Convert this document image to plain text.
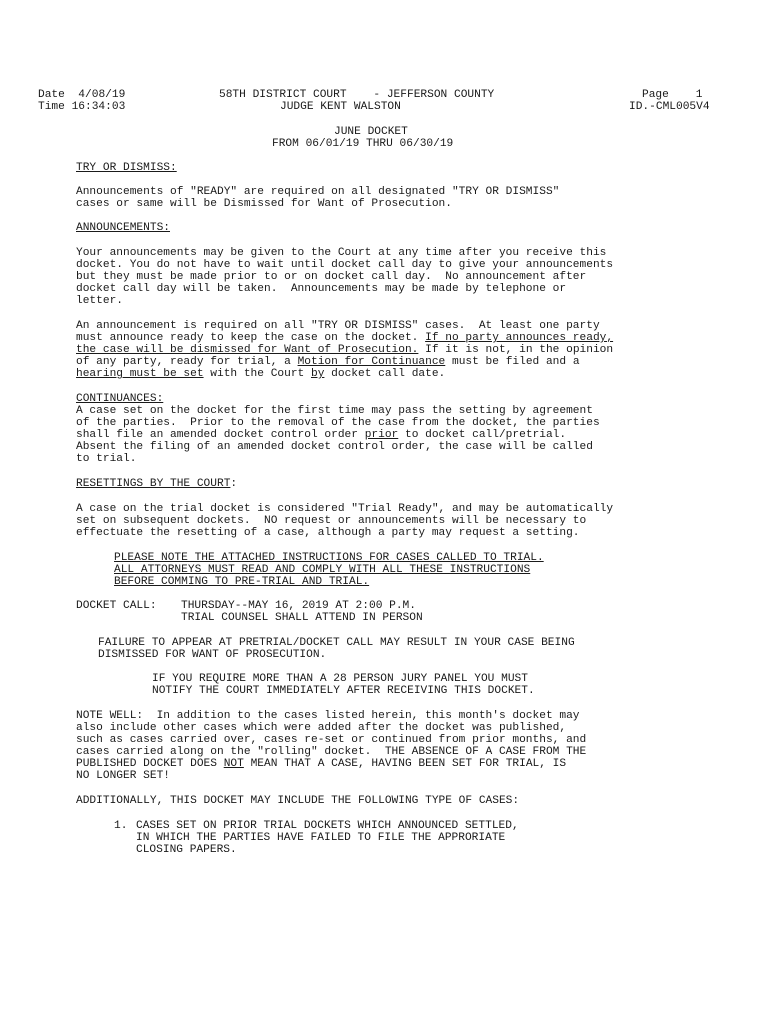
Date 4/08/19
Time 16:34:03
58TH DISTRICT COURT    - JEFFERSON COUNTY
JUDGE KENT WALSTON
Page 1
ID.-CML005V4
JUNE DOCKET
FROM 06/01/19 THRU 06/30/19
TRY OR DISMISS:
Announcements of "READY" are required on all designated "TRY OR DISMISS"
cases or same will be Dismissed for Want of Prosecution.
ANNOUNCEMENTS:
Your announcements may be given to the Court at any time after you receive this
docket. You do not have to wait until docket call day to give your announcements
but they must be made prior to or on docket call day.  No announcement after
docket call day will be taken.  Announcements may be made by telephone or
letter.
An announcement is required on all "TRY OR DISMISS" cases.  At least one party
must announce ready to keep the case on the docket. If no party announces ready,
the case will be dismissed for Want of Prosecution. If it is not, in the opinion
of any party, ready for trial, a Motion for Continuance must be filed and a
hearing must be set with the Court by docket call date.
CONTINUANCES:
A case set on the docket for the first time may pass the setting by agreement
of the parties.  Prior to the removal of the case from the docket, the parties
shall file an amended docket control order prior to docket call/pretrial.
Absent the filing of an amended docket control order, the case will be called
to trial.
RESETTINGS BY THE COURT:
A case on the trial docket is considered "Trial Ready", and may be automatically
set on subsequent dockets.  NO request or announcements will be necessary to
effectuate the resetting of a case, although a party may request a setting.
PLEASE NOTE THE ATTACHED INSTRUCTIONS FOR CASES CALLED TO TRIAL.
ALL ATTORNEYS MUST READ AND COMPLY WITH ALL THESE INSTRUCTIONS
BEFORE COMMING TO PRE-TRIAL AND TRIAL.
DOCKET CALL: THURSDAY--MAY 16, 2019 AT 2:00 P.M.
TRIAL COUNSEL SHALL ATTEND IN PERSON
FAILURE TO APPEAR AT PRETRIAL/DOCKET CALL MAY RESULT IN YOUR CASE BEING
DISMISSED FOR WANT OF PROSECUTION.
IF YOU REQUIRE MORE THAN A 28 PERSON JURY PANEL YOU MUST
NOTIFY THE COURT IMMEDIATELY AFTER RECEIVING THIS DOCKET.
NOTE WELL:  In addition to the cases listed herein, this month's docket may
also include other cases which were added after the docket was published,
such as cases carried over, cases re-set or continued from prior months, and
cases carried along on the "rolling" docket.  THE ABSENCE OF A CASE FROM THE
PUBLISHED DOCKET DOES NOT MEAN THAT A CASE, HAVING BEEN SET FOR TRIAL, IS
NO LONGER SET!
ADDITIONALLY, THIS DOCKET MAY INCLUDE THE FOLLOWING TYPE OF CASES:
1. CASES SET ON PRIOR TRIAL DOCKETS WHICH ANNOUNCED SETTLED,
IN WHICH THE PARTIES HAVE FAILED TO FILE THE APPRORIATE
CLOSING PAPERS.
